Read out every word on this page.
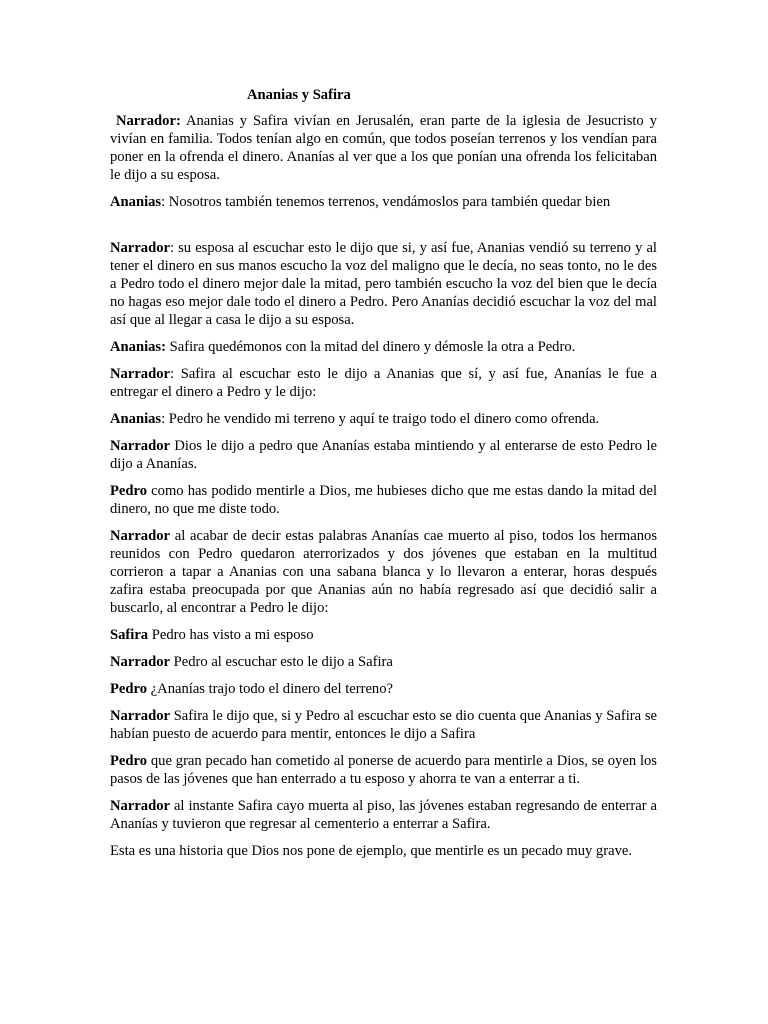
Ananias y Safira

Narrador: Ananias y Safira vivían en Jerusalén, eran parte de la iglesia de Jesucristo y vivían en familia. Todos tenían algo en común, que todos poseían terrenos y los vendían para poner en la ofrenda el dinero. Ananías al ver que a los que ponían una ofrenda los felicitaban le dijo a su esposa.

Ananias: Nosotros también tenemos terrenos, vendámoslos para también quedar bien

Narrador: su esposa al escuchar esto le dijo que si, y así fue, Ananias vendió su terreno y al tener el dinero en sus manos escucho la voz del maligno que le decía, no seas tonto, no le des a Pedro todo el dinero mejor dale la mitad, pero también escucho la voz del bien que le decía no hagas eso mejor dale todo el dinero a Pedro. Pero Ananías decidió escuchar la voz del mal así que al llegar a casa le dijo a su esposa.

Ananias: Safira quedémonos con la mitad del dinero y démosle la otra a Pedro.

Narrador: Safira al escuchar esto le dijo a Ananias que sí, y así fue, Ananías le fue a entregar el dinero a Pedro y le dijo:

Ananias: Pedro he vendido mi terreno y aquí te traigo todo el dinero como ofrenda.

Narrador Dios le dijo a pedro que Ananías estaba mintiendo y al enterarse de esto Pedro le dijo a Ananías.

Pedro como has podido mentirle a Dios, me hubieses dicho que me estas dando la mitad del dinero, no que me diste todo.

Narrador al acabar de decir estas palabras Ananías cae muerto al piso, todos los hermanos reunidos con Pedro quedaron aterrorizados y dos jóvenes que estaban en la multitud corrieron a tapar a Ananias con una sabana blanca y lo llevaron a enterar, horas después zafira estaba preocupada por que Ananias aún no había regresado así que decidió salir a buscarlo, al encontrar a Pedro le dijo:

Safira Pedro has visto a mi esposo

Narrador Pedro al escuchar esto le dijo a Safira

Pedro ¿Ananías trajo todo el dinero del terreno?

Narrador Safira le dijo que, si y Pedro al escuchar esto se dio cuenta que Ananias y Safira se habían puesto de acuerdo para mentir, entonces le dijo a Safira

Pedro que gran pecado han cometido al ponerse de acuerdo para mentirle a Dios, se oyen los pasos de las jóvenes que han enterrado a tu esposo y ahorra te van a enterrar a ti.

Narrador al instante Safira cayo muerta al piso, las jóvenes estaban regresando de enterrar a Ananías y tuvieron que regresar al cementerio a enterrar a Safira.

Esta es una historia que Dios nos pone de ejemplo, que mentirle es un pecado muy grave.
